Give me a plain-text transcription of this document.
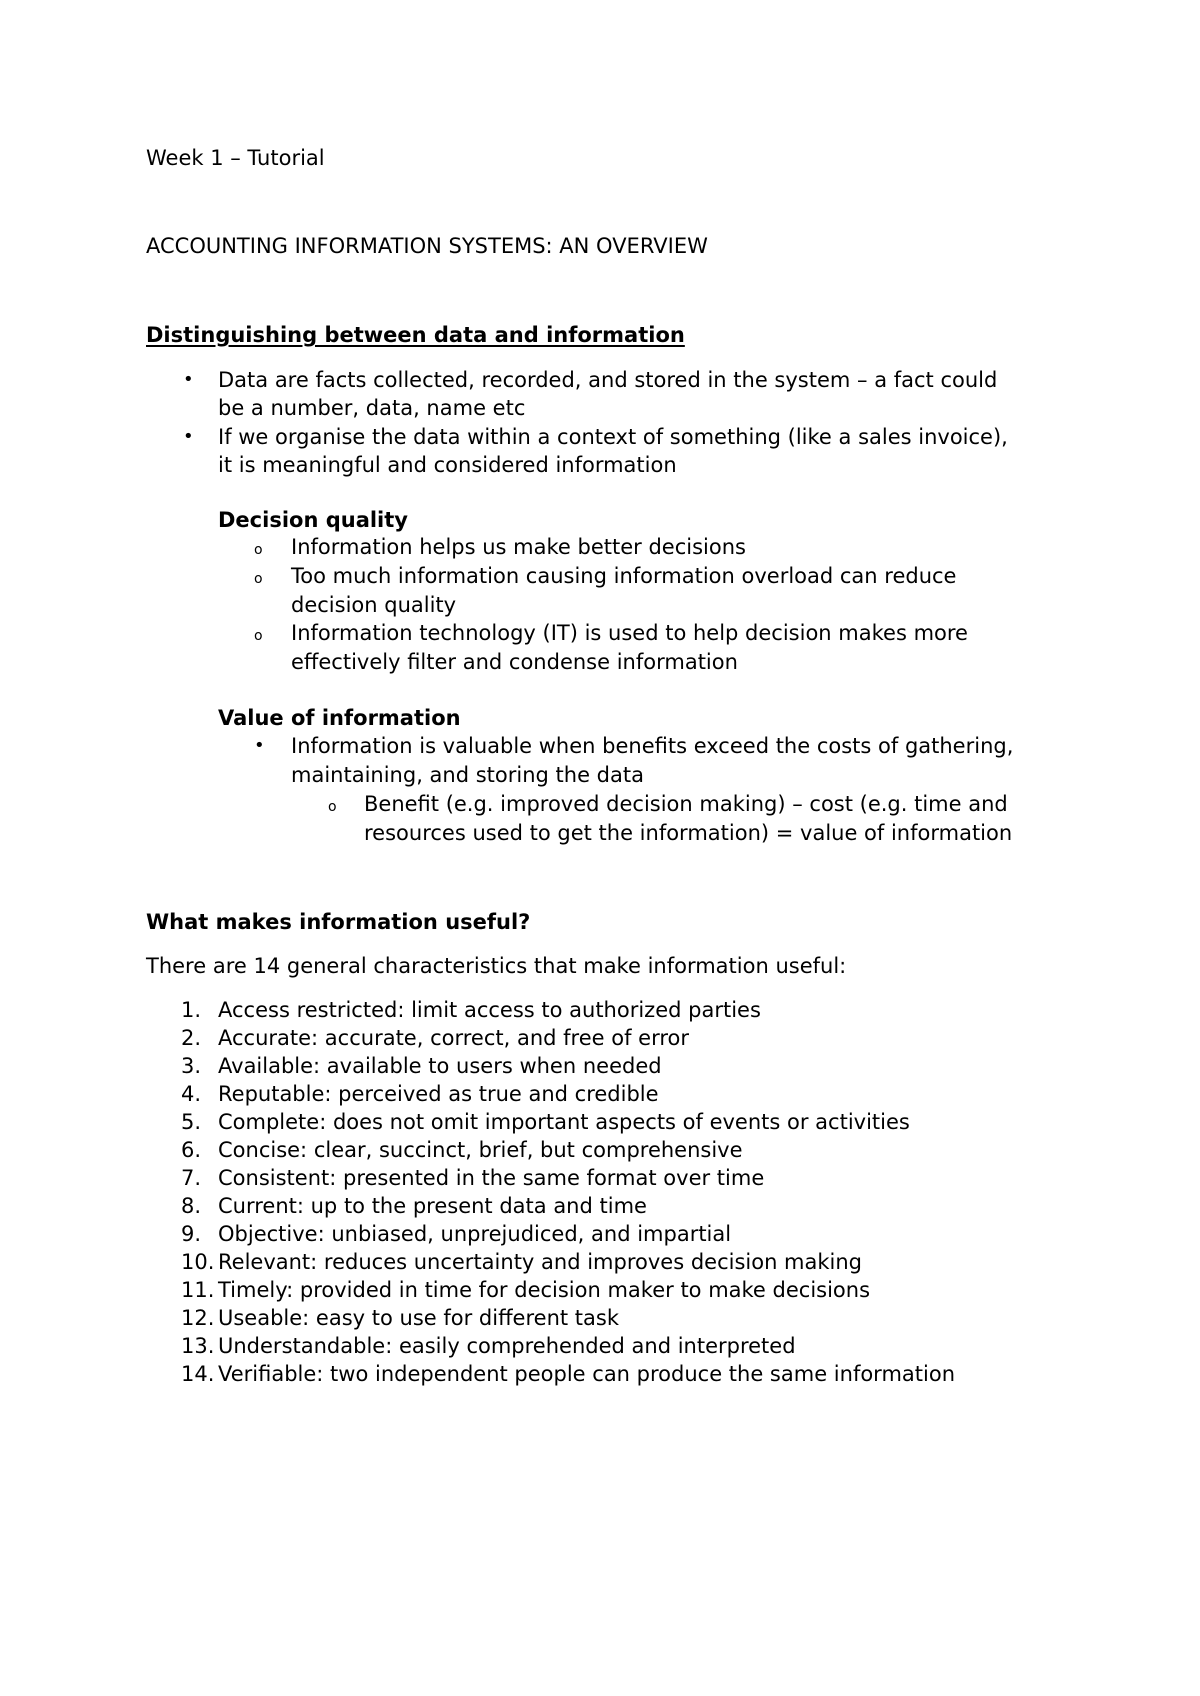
Week 1 – Tutorial
ACCOUNTING INFORMATION SYSTEMS: AN OVERVIEW
Distinguishing between data and information
• Data are facts collected, recorded, and stored in the system – a fact could
be a number, data, name etc
• If we organise the data within a context of something (like a sales invoice),
it is meaningful and considered information
Decision quality
o Information helps us make better decisions
o Too much information causing information overload can reduce
decision quality
o Information technology (IT) is used to help decision makes more
effectively filter and condense information
Value of information
• Information is valuable when benefits exceed the costs of gathering,
maintaining, and storing the data
o Benefit (e.g. improved decision making) – cost (e.g. time and
resources used to get the information) = value of information
What makes information useful?
There are 14 general characteristics that make information useful:
1. Access restricted: limit access to authorized parties
2. Accurate: accurate, correct, and free of error
3. Available: available to users when needed
4. Reputable: perceived as true and credible
5. Complete: does not omit important aspects of events or activities
6. Concise: clear, succinct, brief, but comprehensive
7. Consistent: presented in the same format over time
8. Current: up to the present data and time
9. Objective: unbiased, unprejudiced, and impartial
10. Relevant: reduces uncertainty and improves decision making
11. Timely: provided in time for decision maker to make decisions
12. Useable: easy to use for different task
13. Understandable: easily comprehended and interpreted
14. Verifiable: two independent people can produce the same information
